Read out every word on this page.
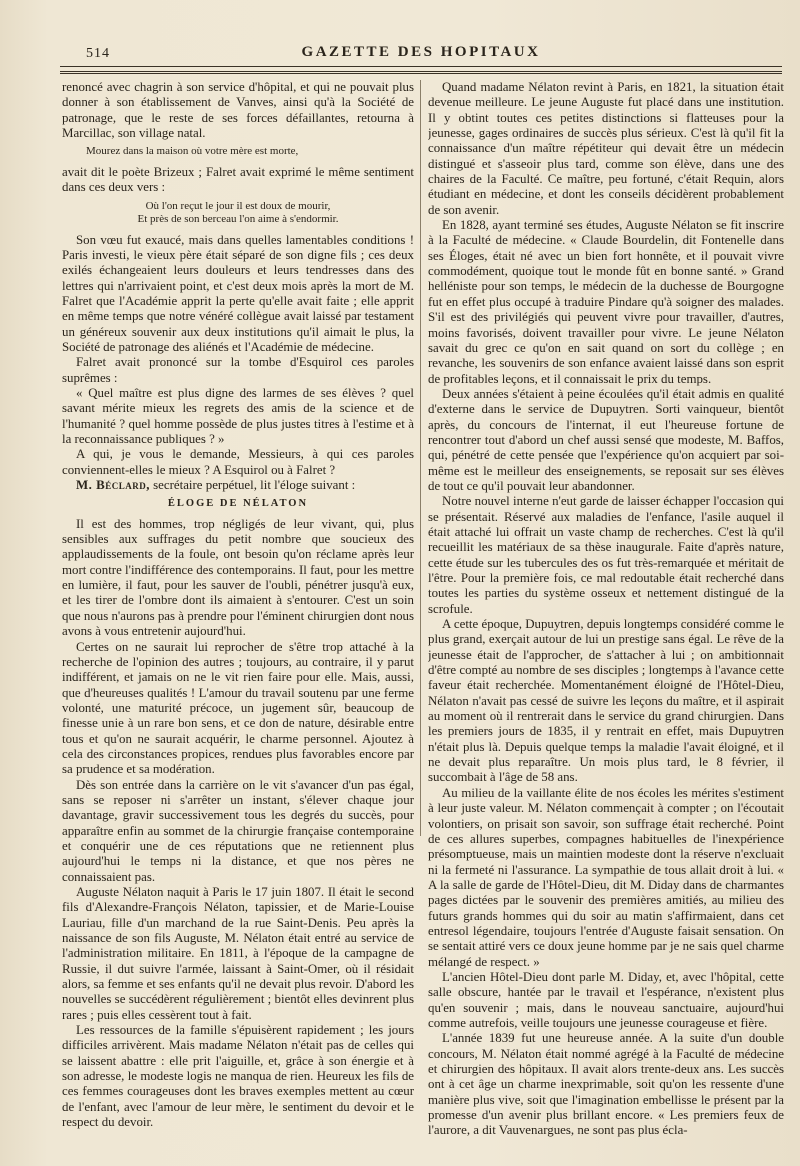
514	GAZETTE DES HOPITAUX

renoncé avec chagrin à son service d'hôpital, et qui ne pouvait plus donner à son établissement de Vanves, ainsi qu'à la Société de patronage, que le reste de ses forces défaillantes, retourna à Marcillac, son village natal.

Mourez dans la maison où votre mère est morte,

avait dit le poète Brizeux ; Falret avait exprimé le même sentiment dans ces deux vers :

Où l'on reçut le jour il est doux de mourir,
Et près de son berceau l'on aime à s'endormir.

Son vœu fut exaucé, mais dans quelles lamentables conditions ! Paris investi, le vieux père était séparé de son digne fils ; ces deux exilés échangeaient leurs douleurs et leurs tendresses dans des lettres qui n'arrivaient point, et c'est deux mois après la mort de M. Falret que l'Académie apprit la perte qu'elle avait faite ; elle apprit en même temps que notre vénéré collègue avait laissé par testament un généreux souvenir aux deux institutions qu'il aimait le plus, la Société de patronage des aliénés et l'Académie de médecine.

Falret avait prononcé sur la tombe d'Esquirol ces paroles suprêmes :

« Quel maître est plus digne des larmes de ses élèves ? quel savant mérite mieux les regrets des amis de la science et de l'humanité ? quel homme possède de plus justes titres à l'estime et à la reconnaissance publiques ? »

A qui, je vous le demande, Messieurs, à qui ces paroles conviennent-elles le mieux ? A Esquirol ou à Falret ?

M. Béclard, secrétaire perpétuel, lit l'éloge suivant :

ÉLOGE DE NÉLATON

Il est des hommes, trop négligés de leur vivant, qui, plus sensibles aux suffrages du petit nombre que soucieux des applaudissements de la foule, ont besoin qu'on réclame après leur mort contre l'indifférence des contemporains. Il faut, pour les mettre en lumière, il faut, pour les sauver de l'oubli, pénétrer jusqu'à eux, et les tirer de l'ombre dont ils aimaient à s'entourer. C'est un soin que nous n'aurons pas à prendre pour l'éminent chirurgien dont nous avons à vous entretenir aujourd'hui.

Certes on ne saurait lui reprocher de s'être trop attaché à la recherche de l'opinion des autres ; toujours, au contraire, il y parut indifférent, et jamais on ne le vit rien faire pour elle. Mais, aussi, que d'heureuses qualités ! L'amour du travail soutenu par une ferme volonté, une maturité précoce, un jugement sûr, beaucoup de finesse unie à un rare bon sens, et ce don de nature, désirable entre tous et qu'on ne saurait acquérir, le charme personnel. Ajoutez à cela des circonstances propices, rendues plus favorables encore par sa prudence et sa modération.

Dès son entrée dans la carrière on le vit s'avancer d'un pas égal, sans se reposer ni s'arrêter un instant, s'élever chaque jour davantage, gravir successivement tous les degrés du succès, pour apparaître enfin au sommet de la chirurgie française contemporaine et conquérir une de ces réputations que ne retiennent plus aujourd'hui le temps ni la distance, et que nos pères ne connaissaient pas.

Auguste Nélaton naquit à Paris le 17 juin 1807. Il était le second fils d'Alexandre-François Nélaton, tapissier, et de Marie-Louise Lauriau, fille d'un marchand de la rue Saint-Denis. Peu après la naissance de son fils Auguste, M. Nélaton était entré au service de l'administration militaire. En 1811, à l'époque de la campagne de Russie, il dut suivre l'armée, laissant à Saint-Omer, où il résidait alors, sa femme et ses enfants qu'il ne devait plus revoir. D'abord les nouvelles se succédèrent régulièrement ; bientôt elles devinrent plus rares ; puis elles cessèrent tout à fait.

Les ressources de la famille s'épuisèrent rapidement ; les jours difficiles arrivèrent. Mais madame Nélaton n'était pas de celles qui se laissent abattre : elle prit l'aiguille, et, grâce à son énergie et à son adresse, le modeste logis ne manqua de rien. Heureux les fils de ces femmes courageuses dont les braves exemples mettent au cœur de l'enfant, avec l'amour de leur mère, le sentiment du devoir et le respect du devoir.

Quand madame Nélaton revint à Paris, en 1821, la situation était devenue meilleure. Le jeune Auguste fut placé dans une institution. Il y obtint toutes ces petites distinctions si flatteuses pour la jeunesse, gages ordinaires de succès plus sérieux. C'est là qu'il fit la connaissance d'un maître répétiteur qui devait être un médecin distingué et s'asseoir plus tard, comme son élève, dans une des chaires de la Faculté. Ce maître, peu fortuné, c'était Requin, alors étudiant en médecine, et dont les conseils décidèrent probablement de son avenir.

En 1828, ayant terminé ses études, Auguste Nélaton se fit inscrire à la Faculté de médecine. « Claude Bourdelin, dit Fontenelle dans ses Éloges, était né avec un bien fort honnête, et il pouvait vivre commodément, quoique tout le monde fût en bonne santé. » Grand helléniste pour son temps, le médecin de la duchesse de Bourgogne fut en effet plus occupé à traduire Pindare qu'à soigner des malades. S'il est des privilégiés qui peuvent vivre pour travailler, d'autres, moins favorisés, doivent travailler pour vivre. Le jeune Nélaton savait du grec ce qu'on en sait quand on sort du collège ; en revanche, les souvenirs de son enfance avaient laissé dans son esprit de profitables leçons, et il connaissait le prix du temps.

Deux années s'étaient à peine écoulées qu'il était admis en qualité d'externe dans le service de Dupuytren. Sorti vainqueur, bientôt après, du concours de l'internat, il eut l'heureuse fortune de rencontrer tout d'abord un chef aussi sensé que modeste, M. Baffos, qui, pénétré de cette pensée que l'expérience qu'on acquiert par soi-même est le meilleur des enseignements, se reposait sur ses élèves de tout ce qu'il pouvait leur abandonner.

Notre nouvel interne n'eut garde de laisser échapper l'occasion qui se présentait. Réservé aux maladies de l'enfance, l'asile auquel il était attaché lui offrait un vaste champ de recherches. C'est là qu'il recueillit les matériaux de sa thèse inaugurale. Faite d'après nature, cette étude sur les tubercules des os fut très-remarquée et méritait de l'être. Pour la première fois, ce mal redoutable était recherché dans toutes les parties du système osseux et nettement distingué de la scrofule.

A cette époque, Dupuytren, depuis longtemps considéré comme le plus grand, exerçait autour de lui un prestige sans égal. Le rêve de la jeunesse était de l'approcher, de s'attacher à lui ; on ambitionnait d'être compté au nombre de ses disciples ; longtemps à l'avance cette faveur était recherchée. Momentanément éloigné de l'Hôtel-Dieu, Nélaton n'avait pas cessé de suivre les leçons du maître, et il aspirait au moment où il rentrerait dans le service du grand chirurgien. Dans les premiers jours de 1835, il y rentrait en effet, mais Dupuytren n'était plus là. Depuis quelque temps la maladie l'avait éloigné, et il ne devait plus reparaître. Un mois plus tard, le 8 février, il succombait à l'âge de 58 ans.

Au milieu de la vaillante élite de nos écoles les mérites s'estiment à leur juste valeur. M. Nélaton commençait à compter ; on l'écoutait volontiers, on prisait son savoir, son suffrage était recherché. Point de ces allures superbes, compagnes habituelles de l'inexpérience présomptueuse, mais un maintien modeste dont la réserve n'excluait ni la fermeté ni l'assurance. La sympathie de tous allait droit à lui. « A la salle de garde de l'Hôtel-Dieu, dit M. Diday dans de charmantes pages dictées par le souvenir des premières amitiés, au milieu des futurs grands hommes qui du soir au matin s'affirmaient, dans cet entresol légendaire, toujours l'entrée d'Auguste faisait sensation. On se sentait attiré vers ce doux jeune homme par je ne sais quel charme mélangé de respect. »

L'ancien Hôtel-Dieu dont parle M. Diday, et, avec l'hôpital, cette salle obscure, hantée par le travail et l'espérance, n'existent plus qu'en souvenir ; mais, dans le nouveau sanctuaire, aujourd'hui comme autrefois, veille toujours une jeunesse courageuse et fière.

L'année 1839 fut une heureuse année. A la suite d'un double concours, M. Nélaton était nommé agrégé à la Faculté de médecine et chirurgien des hôpitaux. Il avait alors trente-deux ans. Les succès ont à cet âge un charme inexprimable, soit qu'on les ressente d'une manière plus vive, soit que l'imagination embellisse le présent par la promesse d'un avenir plus brillant encore. « Les premiers feux de l'aurore, a dit Vauvenargues, ne sont pas plus écla-
